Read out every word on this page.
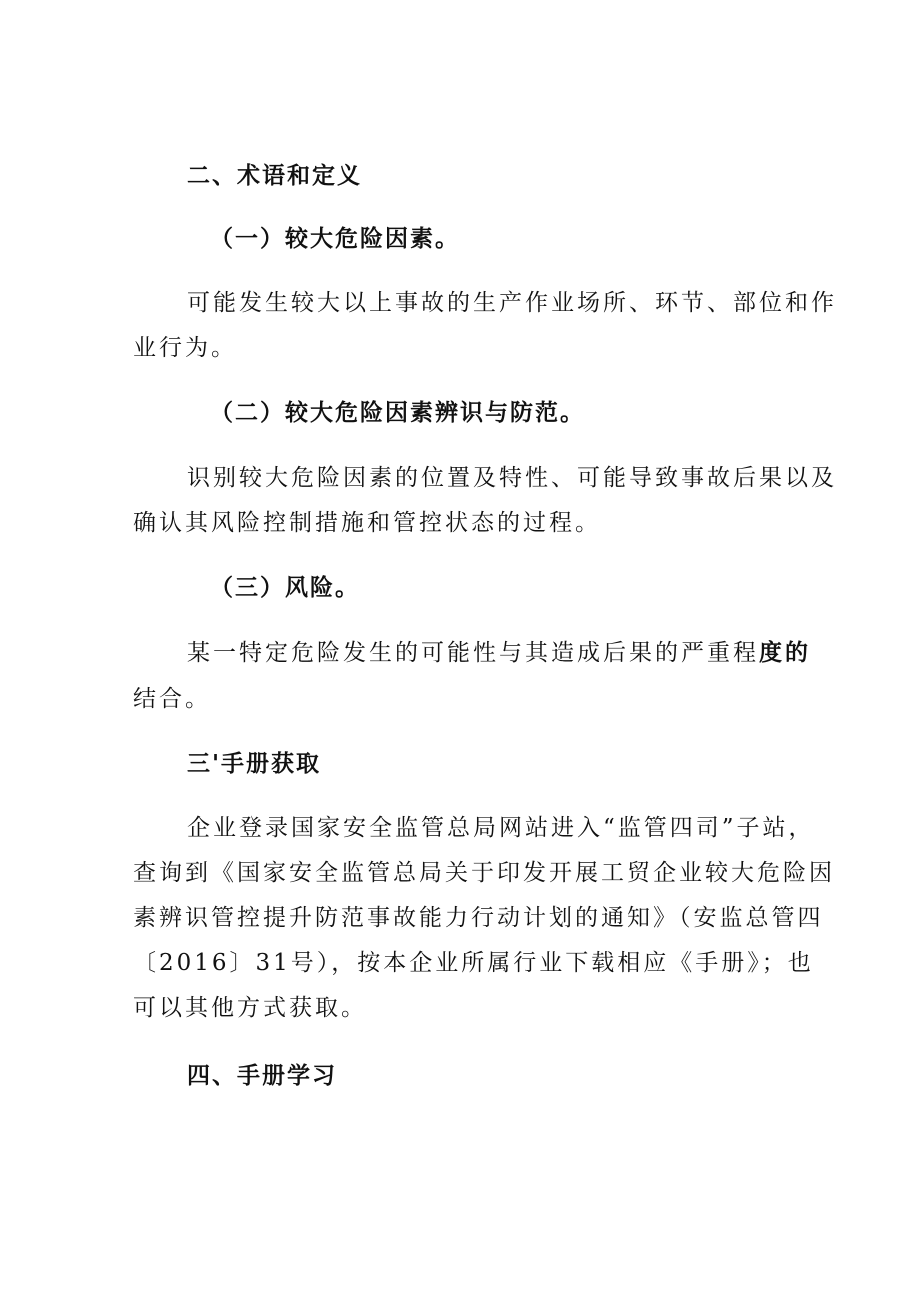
二、术语和定义
（一）较大危险因素。
可能发生较大以上事故的生产作业场所、环节、部位和作
业行为。
（二）较大危险因素辨识与防范。
识别较大危险因素的位置及特性、可能导致事故后果以及
确认其风险控制措施和管控状态的过程。
（三）风险。
某一特定危险发生的可能性与其造成后果的严重程度的
结合。
三'手册获取
企业登录国家安全监管总局网站进入“监管四司”子站，
查询到《国家安全监管总局关于印发开展工贸企业较大危险因
素辨识管控提升防范事故能力行动计划的通知》（安监总管四
〔2016〕31号），按本企业所属行业下载相应《手册》；也
可以其他方式获取。
四、手册学习
